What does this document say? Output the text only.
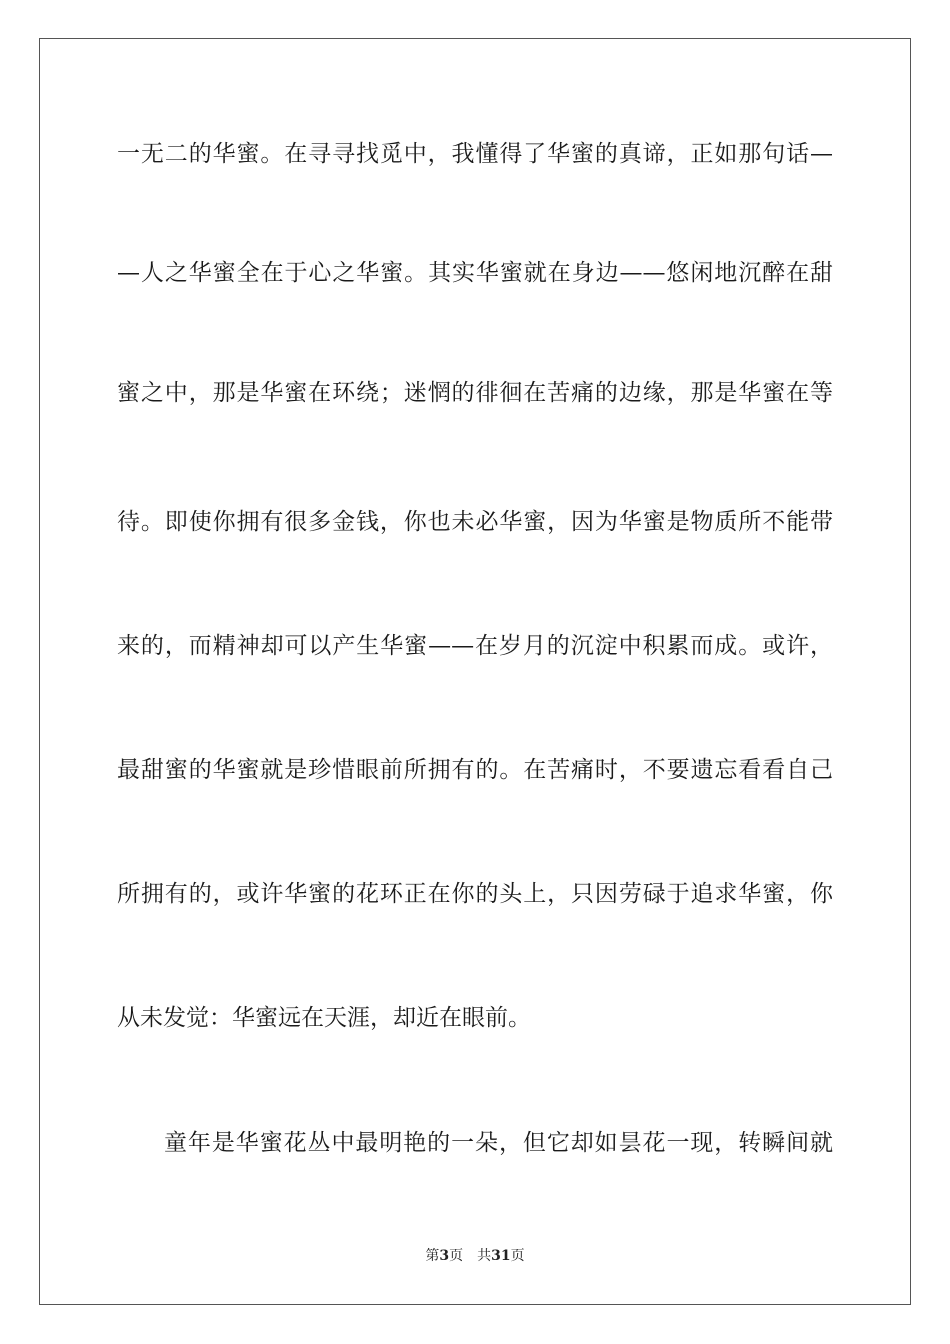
一无二的华蜜。在寻寻找觅中，我懂得了华蜜的真谛，正如那句话—
—人之华蜜全在于心之华蜜。其实华蜜就在身边——悠闲地沉醉在甜
蜜之中，那是华蜜在环绕；迷惘的徘徊在苦痛的边缘，那是华蜜在等
待。即使你拥有很多金钱，你也未必华蜜，因为华蜜是物质所不能带
来的，而精神却可以产生华蜜——在岁月的沉淀中积累而成。或许，
最甜蜜的华蜜就是珍惜眼前所拥有的。在苦痛时，不要遗忘看看自己
所拥有的，或许华蜜的花环正在你的头上，只因劳碌于追求华蜜，你
从未发觉：华蜜远在天涯，却近在眼前。
童年是华蜜花丛中最明艳的一朵，但它却如昙花一现，转瞬间就
第3页 共31页
